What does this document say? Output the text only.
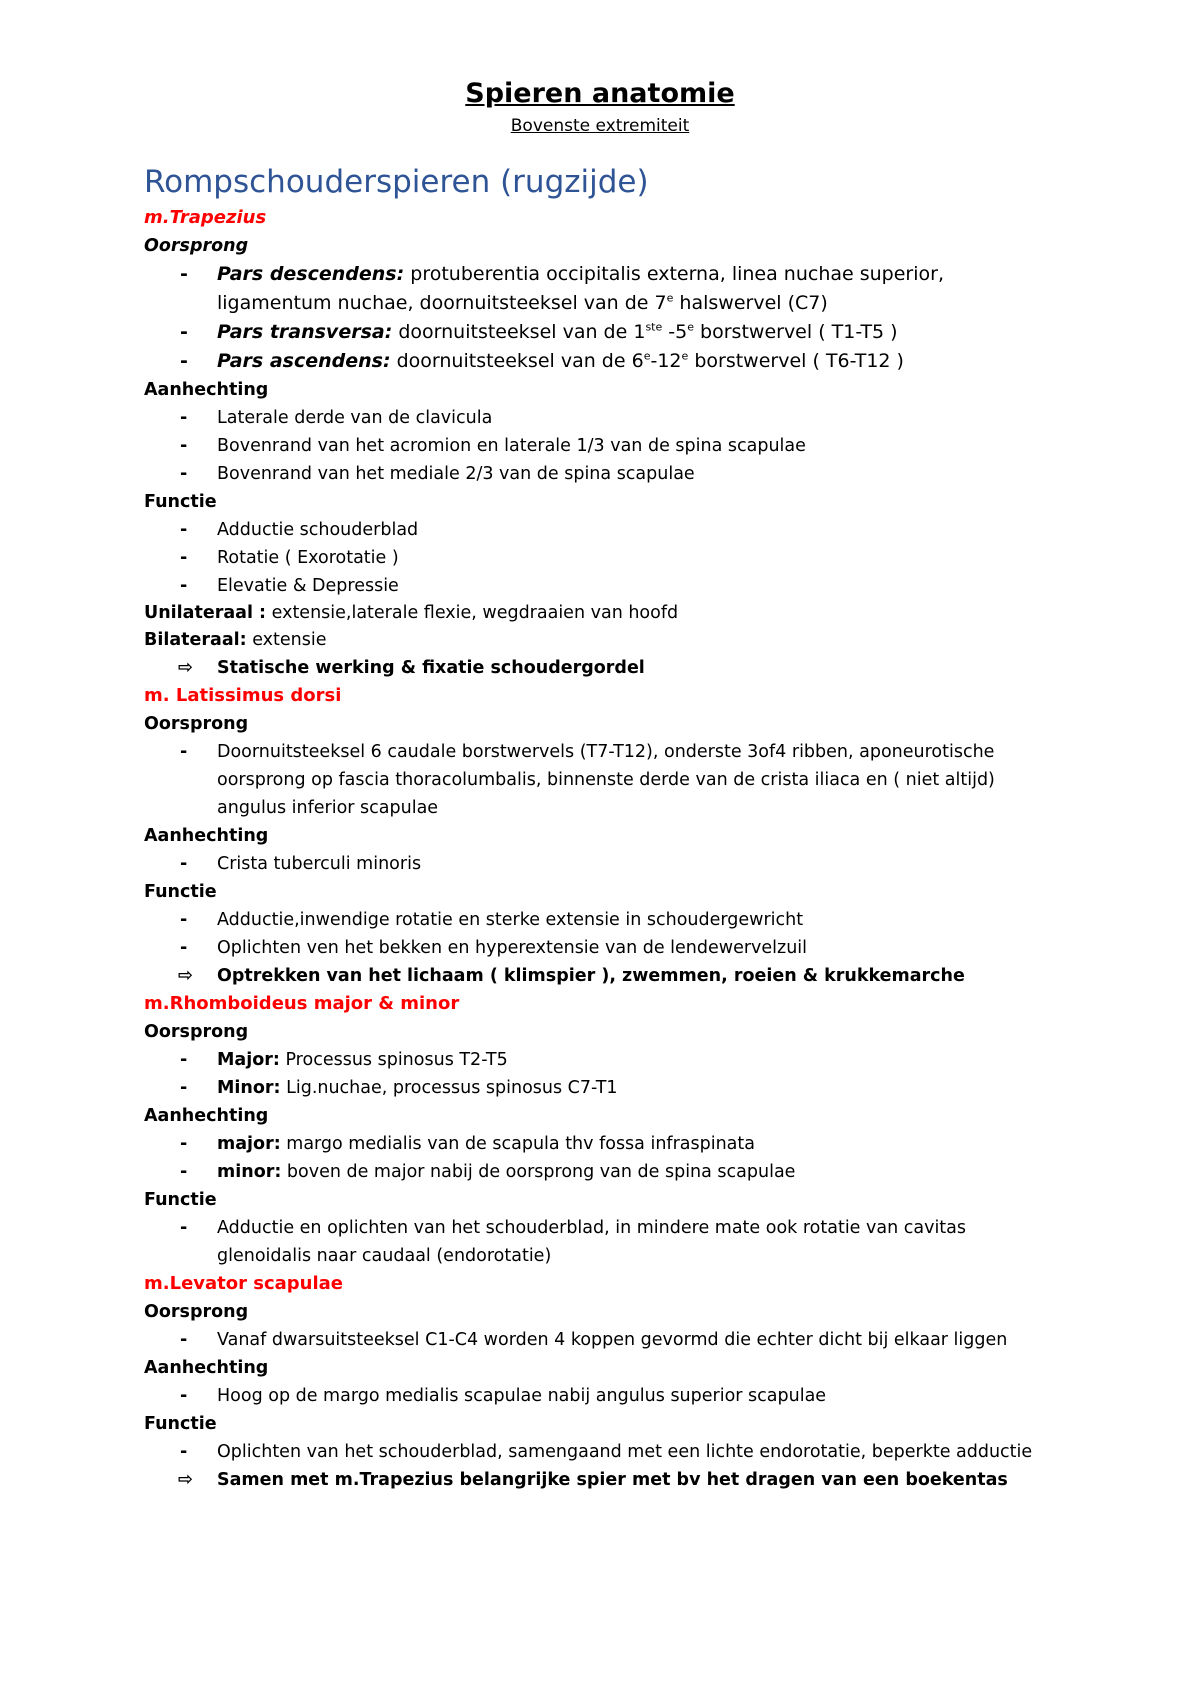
Spieren anatomie
Bovenste extremiteit
Rompschouderspieren (rugzijde)
m.Trapezius
Oorsprong
- Pars descendens: protuberentia occipitalis externa, linea nuchae superior, ligamentum nuchae, doornuitsteeksel van de 7e halswervel (C7)
- Pars transversa: doornuitsteeksel van de 1ste -5e borstwervel ( T1-T5 )
- Pars ascendens: doornuitsteeksel van de 6e-12e borstwervel ( T6-T12 )
Aanhechting
- Laterale derde van de clavicula
- Bovenrand van het acromion en laterale 1/3 van de spina scapulae
- Bovenrand van het mediale 2/3 van de spina scapulae
Functie
- Adductie schouderblad
- Rotatie ( Exorotatie )
- Elevatie & Depressie
Unilateraal : extensie,laterale flexie, wegdraaien van hoofd
Bilateraal: extensie
⇨ Statische werking & fixatie schoudergordel
m. Latissimus dorsi
Oorsprong
- Doornuitsteeksel 6 caudale borstwervels (T7-T12), onderste 3of4 ribben, aponeurotische oorsprong op fascia thoracolumbalis, binnenste derde van de crista iliaca en ( niet altijd) angulus inferior scapulae
Aanhechting
- Crista tuberculi minoris
Functie
- Adductie,inwendige rotatie en sterke extensie in schoudergewricht
- Oplichten ven het bekken en hyperextensie van de lendewervelzuil
⇨ Optrekken van het lichaam ( klimspier ), zwemmen, roeien & krukkemarche
m.Rhomboideus major & minor
Oorsprong
- Major: Processus spinosus T2-T5
- Minor: Lig.nuchae, processus spinosus C7-T1
Aanhechting
- major: margo medialis van de scapula thv fossa infraspinata
- minor: boven de major nabij de oorsprong van de spina scapulae
Functie
- Adductie en oplichten van het schouderblad, in mindere mate ook rotatie van cavitas glenoidalis naar caudaal (endorotatie)
m.Levator scapulae
Oorsprong
- Vanaf dwarsuitsteeksel C1-C4 worden 4 koppen gevormd die echter dicht bij elkaar liggen
Aanhechting
- Hoog op de margo medialis scapulae nabij angulus superior scapulae
Functie
- Oplichten van het schouderblad, samengaand met een lichte endorotatie, beperkte adductie
⇨ Samen met m.Trapezius belangrijke spier met bv het dragen van een boekentas
